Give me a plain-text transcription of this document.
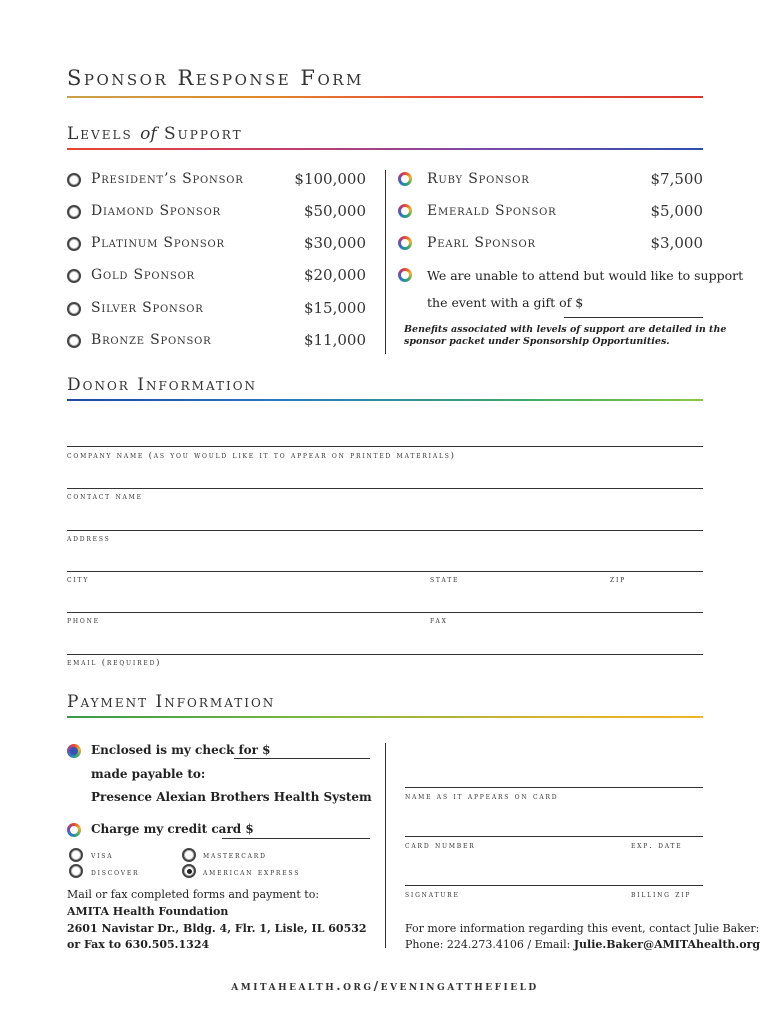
Sponsor Response Form
Levels of Support
President’s Sponsor	$100,000
Diamond Sponsor	$50,000
Platinum Sponsor	$30,000
Gold Sponsor	$20,000
Silver Sponsor	$15,000
Bronze Sponsor	$11,000
Ruby Sponsor	$7,500
Emerald Sponsor	$5,000
Pearl Sponsor	$3,000
We are unable to attend but would like to support
the event with a gift of $
Benefits associated with levels of support are detailed in the
sponsor packet under Sponsorship Opportunities.
Donor Information
company name (as you would like it to appear on printed materials)
contact name
address
city	state	zip
phone	fax
email (required)
Payment Information
Enclosed is my check for $
made payable to:
Presence Alexian Brothers Health System
Charge my credit card $
visa	mastercard
discover	american express
Mail or fax completed forms and payment to:
AMITA Health Foundation
2601 Navistar Dr., Bldg. 4, Flr. 1, Lisle, IL 60532
or Fax to 630.505.1324
name as it appears on card
card number	exp. date
signature	billing zip
For more information regarding this event, contact Julie Baker:
Phone: 224.273.4106 / Email: Julie.Baker@AMITAhealth.org
amitahealth.org/eveningatthefield
